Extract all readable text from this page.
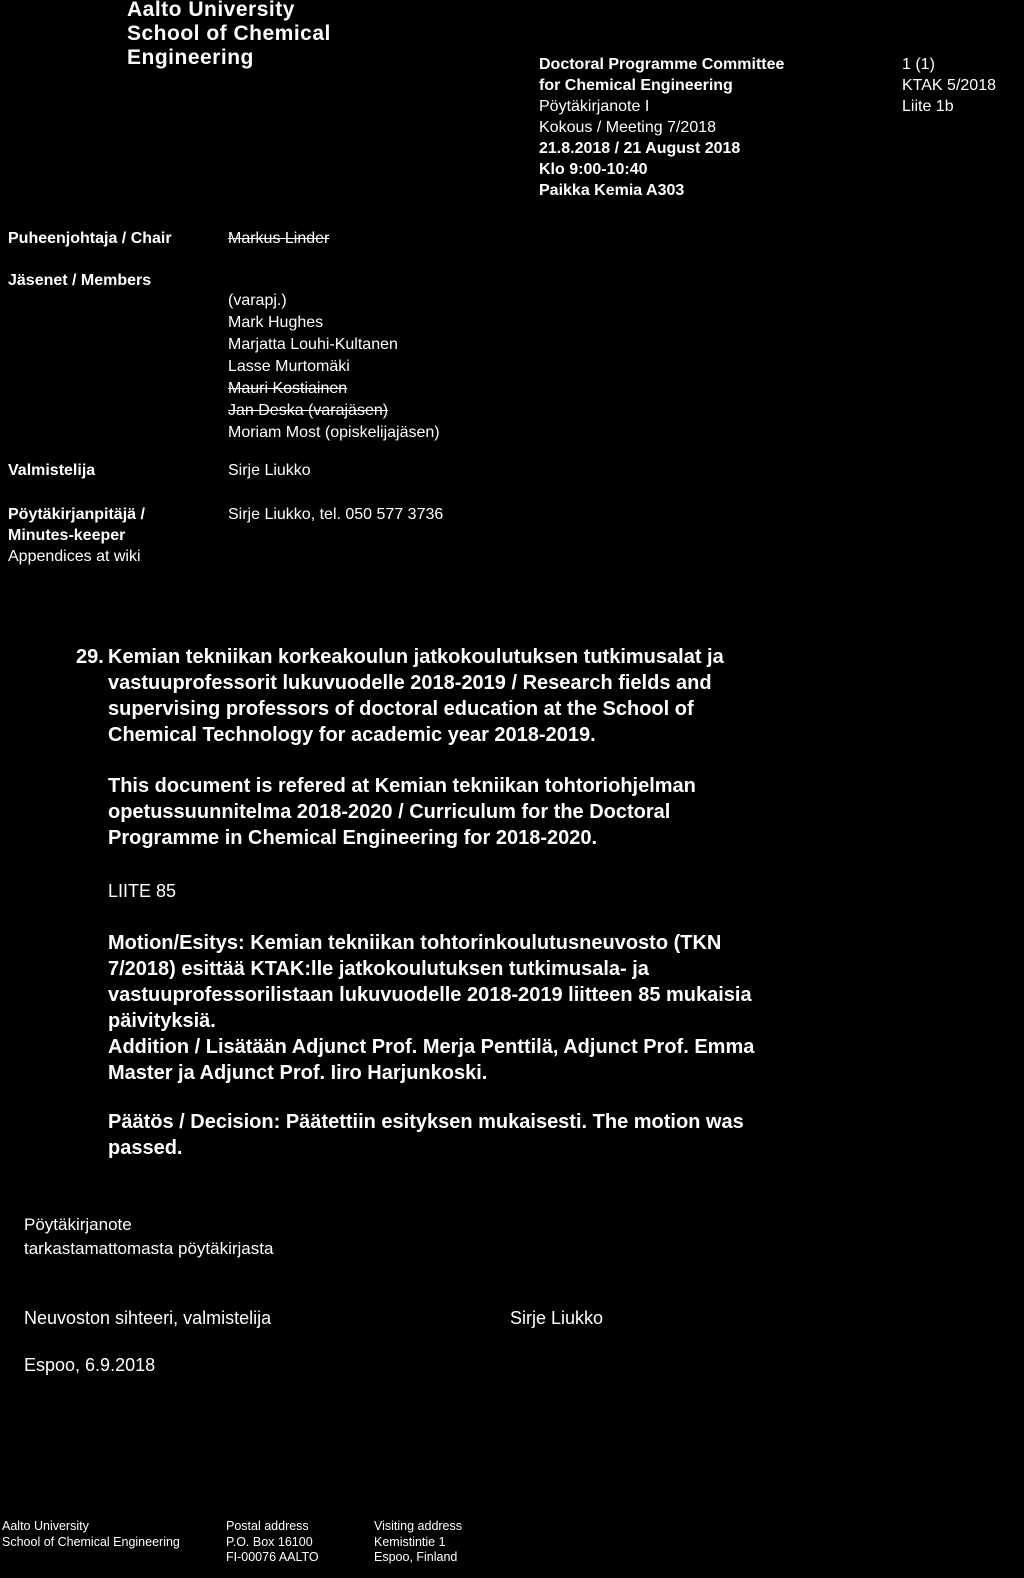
Aalto University
School of Chemical
Engineering	Doctoral Programme Committee
for Chemical Engineering
Pöytäkirjanote I
Kokous / Meeting 7/2018
21.8.2018 / 21 August 2018
Klo 9:00-10:40
Paikka Kemia A303
1 (1)
KTAK 5/2018
Liite 1b
Puheenjohtaja / Chair	Markus Linder
Jäsenet / Members
(varapj.)
Mark Hughes
Marjatta Louhi-Kultanen
Lasse Murtomäki
Mauri Kostiainen
Jan Deska (varajäsen)
Moriam Most (opiskelijajäsen)
Valmistelija	Sirje Liukko
Pöytäkirjanpitäjä /
Minutes-keeper
Sirje Liukko, tel. 050 577 3736
Appendices at wiki
29. Kemian tekniikan korkeakoulun jatkokoulutuksen tutkimusalat ja
vastuuprofessorit lukuvuodelle 2018-2019 / Research fields and
supervising professors of doctoral education at the School of
Chemical Technology for academic year 2018-2019.
This document is refered at Kemian tekniikan tohtoriohjelman
opetussuunnitelma 2018-2020 / Curriculum for the Doctoral
Programme in Chemical Engineering for 2018-2020.
LIITE 85
Motion/Esitys: Kemian tekniikan tohtorinkoulutusneuvosto (TKN
7/2018) esittää KTAK:lle jatkokoulutuksen tutkimusala- ja
vastuuprofessorilistaan lukuvuodelle 2018-2019 liitteen 85 mukaisia
päivityksiä.
Addition / Lisätään Adjunct Prof. Merja Penttilä, Adjunct Prof. Emma
Master ja Adjunct Prof. Iiro Harjunkoski.
Päätös / Decision: Päätettiin esityksen mukaisesti. The motion was
passed.
Pöytäkirjanote
tarkastamattomasta pöytäkirjasta
Neuvoston sihteeri, valmistelija	Sirje Liukko
Espoo, 6.9.2018
Aalto University
School of Chemical Engineering
Postal address
P.O. Box 16100
FI-00076 AALTO
Visiting address
Kemistintie 1
Espoo, Finland
